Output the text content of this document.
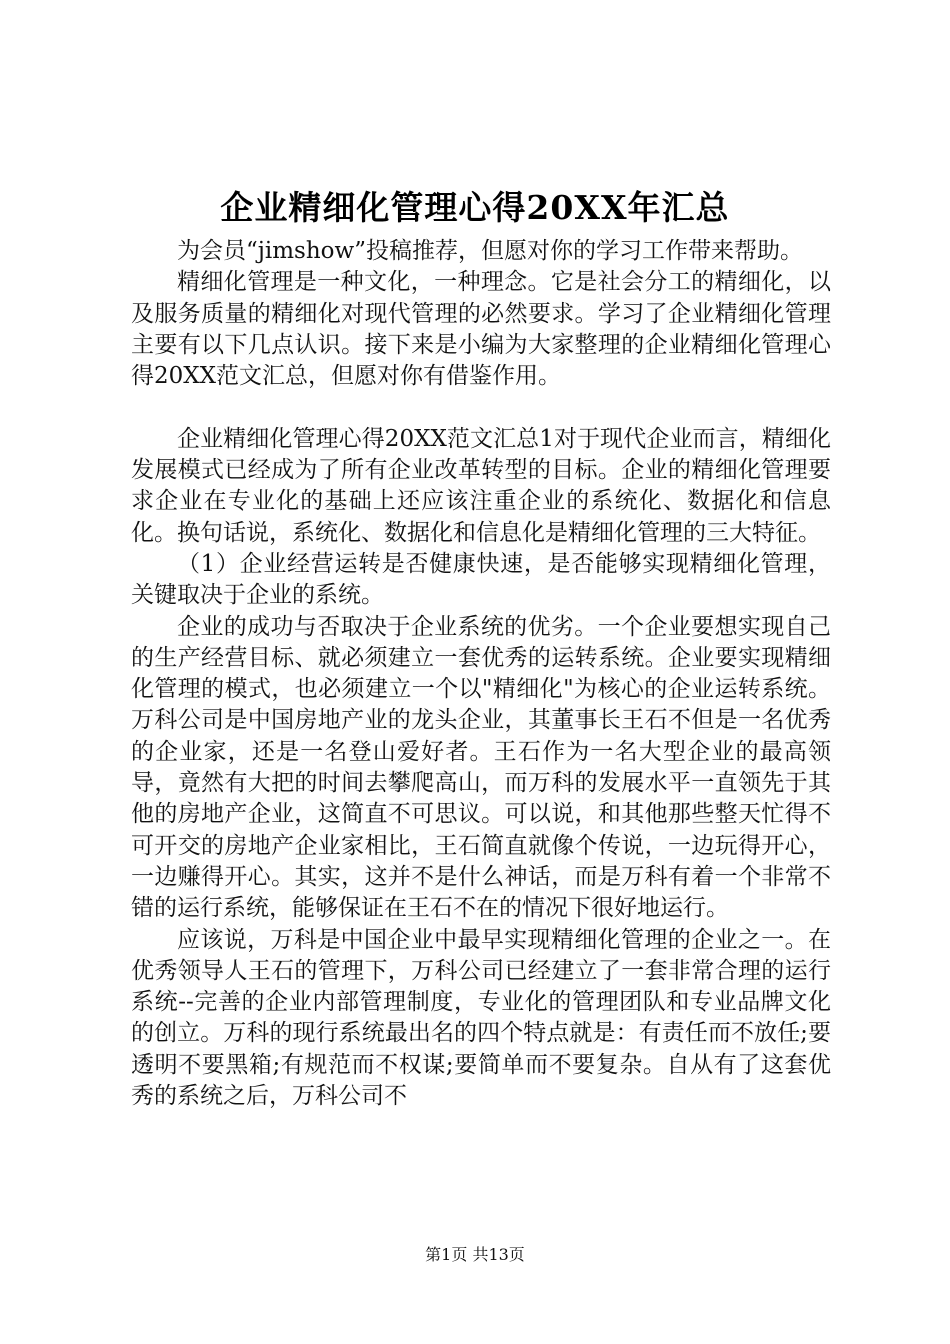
企业精细化管理心得20XX年汇总

为会员“jimshow”投稿推荐，但愿对你的学习工作带来帮助。

精细化管理是一种文化，一种理念。它是社会分工的精细化，以及服务质量的精细化对现代管理的必然要求。学习了企业精细化管理主要有以下几点认识。接下来是小编为大家整理的企业精细化管理心得20XX范文汇总，但愿对你有借鉴作用。

企业精细化管理心得20XX范文汇总1对于现代企业而言，精细化发展模式已经成为了所有企业改革转型的目标。企业的精细化管理要求企业在专业化的基础上还应该注重企业的系统化、数据化和信息化。换句话说，系统化、数据化和信息化是精细化管理的三大特征。

（1）企业经营运转是否健康快速，是否能够实现精细化管理，关键取决于企业的系统。

企业的成功与否取决于企业系统的优劣。一个企业要想实现自己的生产经营目标、就必须建立一套优秀的运转系统。企业要实现精细化管理的模式，也必须建立一个以"精细化"为核心的企业运转系统。万科公司是中国房地产业的龙头企业，其董事长王石不但是一名优秀的企业家，还是一名登山爱好者。王石作为一名大型企业的最高领导，竟然有大把的时间去攀爬高山，而万科的发展水平一直领先于其他的房地产企业，这简直不可思议。可以说，和其他那些整天忙得不可开交的房地产企业家相比，王石简直就像个传说，一边玩得开心，一边赚得开心。其实，这并不是什么神话，而是万科有着一个非常不错的运行系统，能够保证在王石不在的情况下很好地运行。

应该说，万科是中国企业中最早实现精细化管理的企业之一。在优秀领导人王石的管理下，万科公司已经建立了一套非常合理的运行系统--完善的企业内部管理制度，专业化的管理团队和专业品牌文化的创立。万科的现行系统最出名的四个特点就是：有责任而不放任;要透明不要黑箱;有规范而不权谋;要简单而不要复杂。自从有了这套优秀的系统之后，万科公司不

第1页 共13页
